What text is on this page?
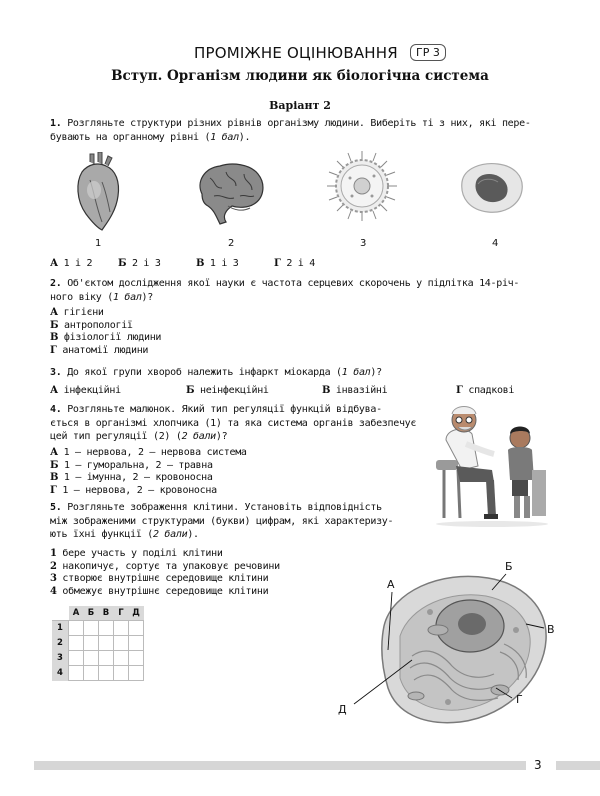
ПРОМІЖНЕ ОЦІНЮВАННЯ	ГР 3
Вступ. Організм людини як біологічна система
Варіант 2
1. Розгляньте структури різних рівнів організму людини. Виберіть ті з них, які пере-
бувають на органному рівні (1 бал).
1	2	3	4
А 1 і 2	Б 2 і 3	В 1 і 3	Г 2 і 4
2. Об'єктом дослідження якої науки є частота серцевих скорочень у підлітка 14-річ-
ного віку (1 бал)?
А гігієни
Б антропології
В фізіології людини
Г анатомії людини
3. До якої групи хвороб належить інфаркт міокарда (1 бал)?
А інфекційні	Б неінфекційні	В інвазійні	Г спадкові
4. Розгляньте малюнок. Який тип регуляції функцій відбува-
ється в організмі хлопчика (1) та яка система органів забезпечує
цей тип регуляції (2) (2 бали)?
А 1 – нервова, 2 – нервова система
Б 1 – гуморальна, 2 – травна
В 1 – імунна, 2 – кровоносна
Г 1 – нервова, 2 – кровоносна
5. Розгляньте зображення клітини. Установіть відповідність
між зображеними структурами (букви) цифрам, які характеризу-
ють їхні функції (2 бали).
1 бере участь у поділі клітини
2 накопичує, сортує та упаковує речовини
3 створює внутрішнє середовище клітини
4 обмежує внутрішнє середовище клітини
	А	Б	В	Г	Д
1					
2					
3					
4					
А
Б
В
Г
Д
3
